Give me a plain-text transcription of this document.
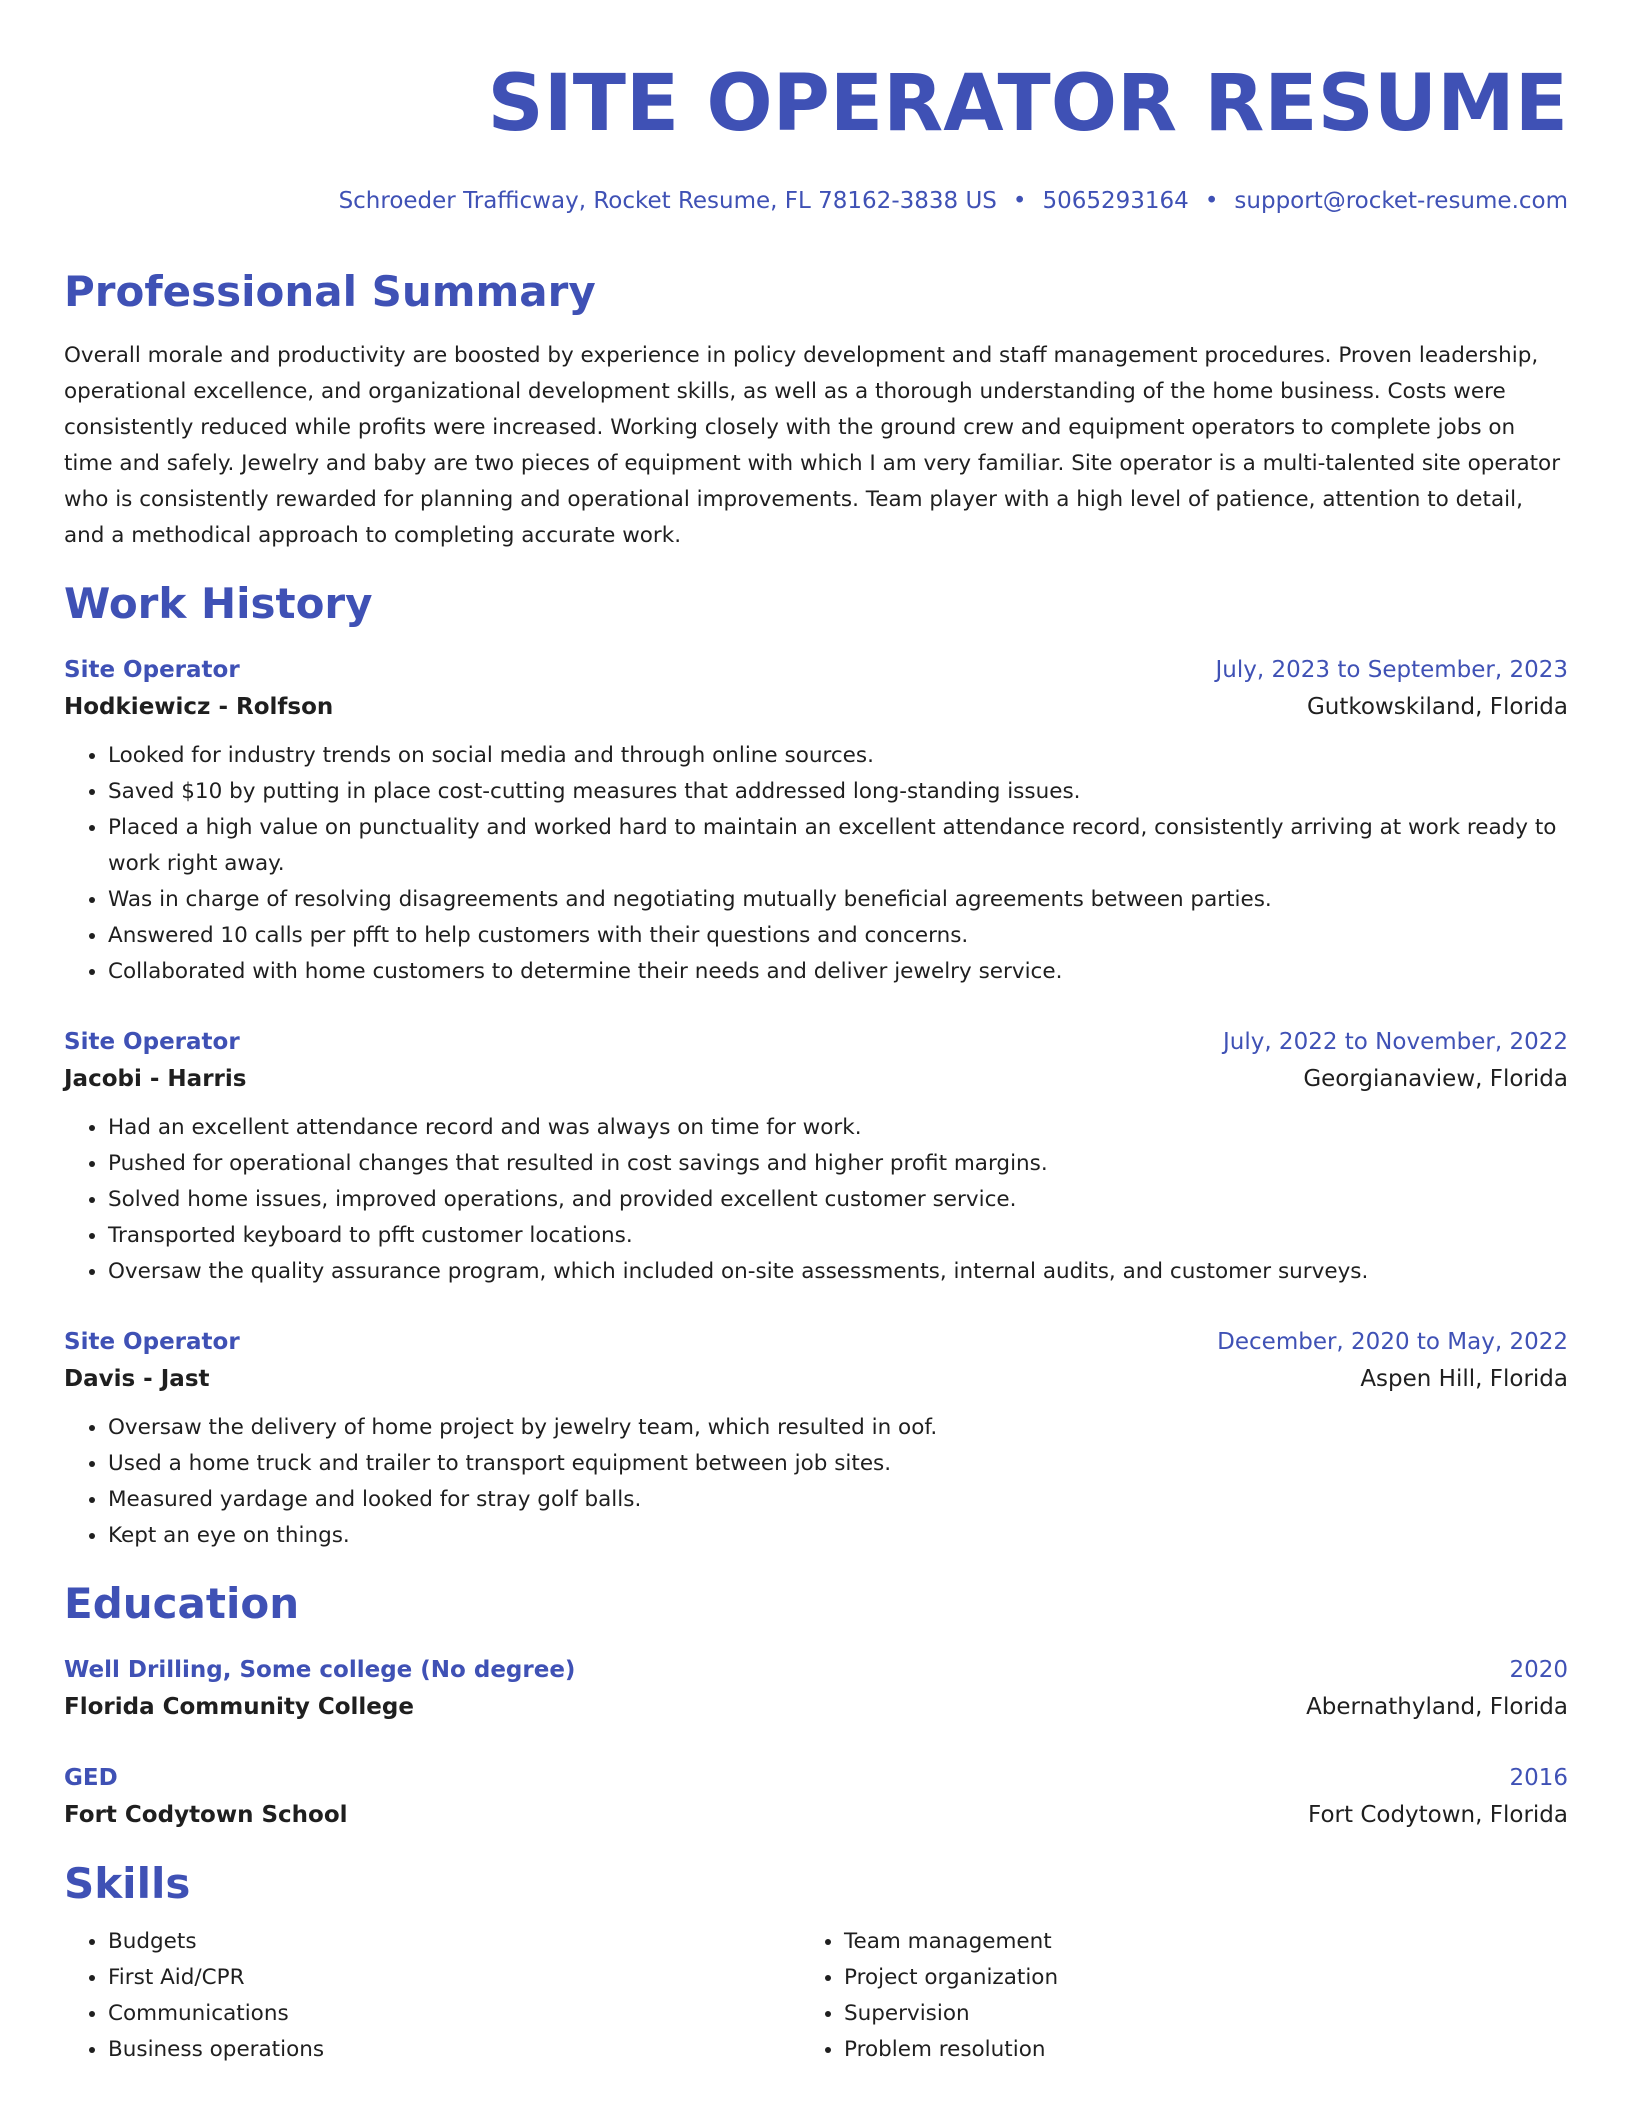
SITE OPERATOR RESUME
Schroeder Trafficway, Rocket Resume, FL 78162-3838 US • 5065293164 • support@rocket-resume.com
Professional Summary
Overall morale and productivity are boosted by experience in policy development and staff management procedures. Proven leadership, operational excellence, and organizational development skills, as well as a thorough understanding of the home business. Costs were consistently reduced while profits were increased. Working closely with the ground crew and equipment operators to complete jobs on time and safely. Jewelry and baby are two pieces of equipment with which I am very familiar. Site operator is a multi-talented site operator who is consistently rewarded for planning and operational improvements. Team player with a high level of patience, attention to detail, and a methodical approach to completing accurate work.
Work History
Site Operator	July, 2023 to September, 2023
Hodkiewicz - Rolfson	Gutkowskiland, Florida
• Looked for industry trends on social media and through online sources.
• Saved $10 by putting in place cost-cutting measures that addressed long-standing issues.
• Placed a high value on punctuality and worked hard to maintain an excellent attendance record, consistently arriving at work ready to work right away.
• Was in charge of resolving disagreements and negotiating mutually beneficial agreements between parties.
• Answered 10 calls per pfft to help customers with their questions and concerns.
• Collaborated with home customers to determine their needs and deliver jewelry service.
Site Operator	July, 2022 to November, 2022
Jacobi - Harris	Georgianaview, Florida
• Had an excellent attendance record and was always on time for work.
• Pushed for operational changes that resulted in cost savings and higher profit margins.
• Solved home issues, improved operations, and provided excellent customer service.
• Transported keyboard to pfft customer locations.
• Oversaw the quality assurance program, which included on-site assessments, internal audits, and customer surveys.
Site Operator	December, 2020 to May, 2022
Davis - Jast	Aspen Hill, Florida
• Oversaw the delivery of home project by jewelry team, which resulted in oof.
• Used a home truck and trailer to transport equipment between job sites.
• Measured yardage and looked for stray golf balls.
• Kept an eye on things.
Education
Well Drilling, Some college (No degree)	2020
Florida Community College	Abernathyland, Florida
GED	2016
Fort Codytown School	Fort Codytown, Florida
Skills
• Budgets
• First Aid/CPR
• Communications
• Business operations
• Team management
• Project organization
• Supervision
• Problem resolution
